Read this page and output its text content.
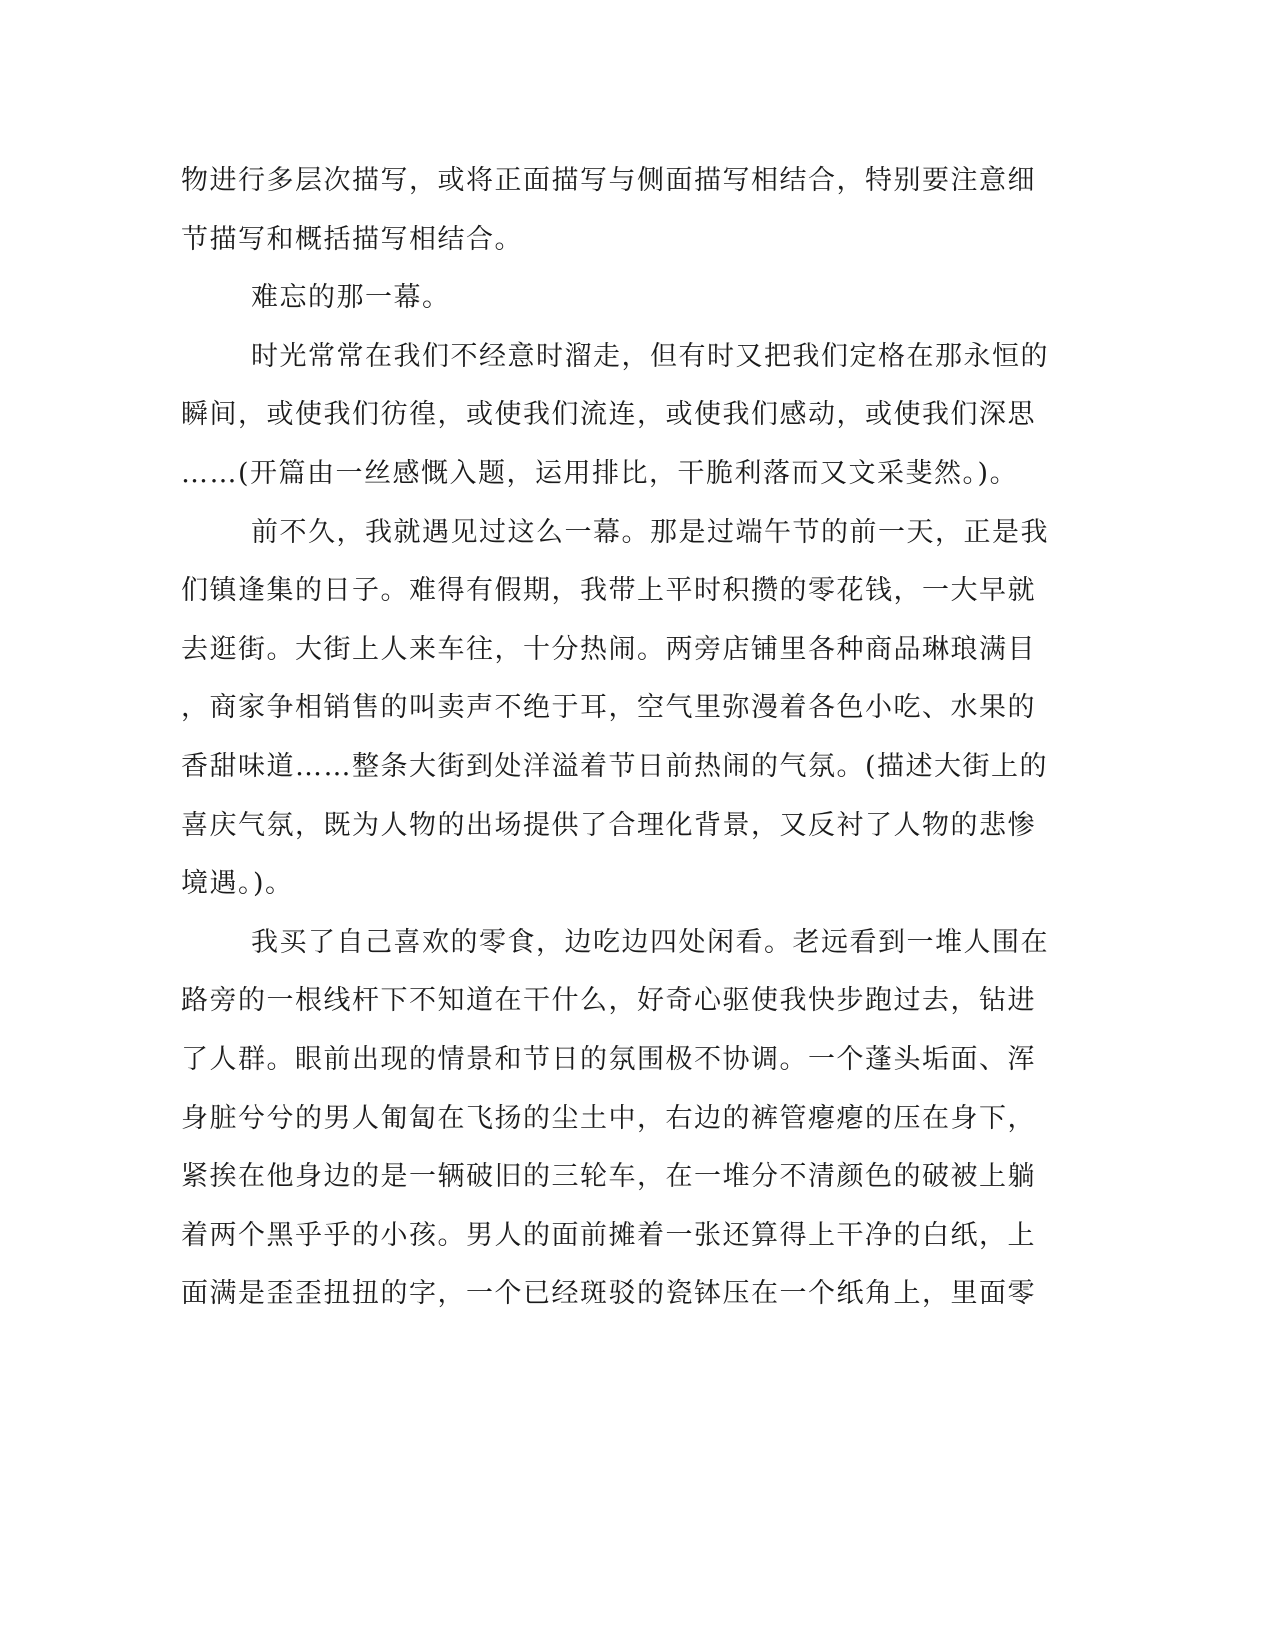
物进行多层次描写，或将正面描写与侧面描写相结合，特别要注意细
节描写和概括描写相结合。
难忘的那一幕。
时光常常在我们不经意时溜走，但有时又把我们定格在那永恒的
瞬间，或使我们彷徨，或使我们流连，或使我们感动，或使我们深思
……(开篇由一丝感慨入题，运用排比，干脆利落而又文采斐然。)。
前不久，我就遇见过这么一幕。那是过端午节的前一天，正是我
们镇逢集的日子。难得有假期，我带上平时积攒的零花钱，一大早就
去逛街。大街上人来车往，十分热闹。两旁店铺里各种商品琳琅满目
，商家争相销售的叫卖声不绝于耳，空气里弥漫着各色小吃、水果的
香甜味道……整条大街到处洋溢着节日前热闹的气氛。(描述大街上的
喜庆气氛，既为人物的出场提供了合理化背景，又反衬了人物的悲惨
境遇。)。
我买了自己喜欢的零食，边吃边四处闲看。老远看到一堆人围在
路旁的一根线杆下不知道在干什么，好奇心驱使我快步跑过去，钻进
了人群。眼前出现的情景和节日的氛围极不协调。一个蓬头垢面、浑
身脏兮兮的男人匍匐在飞扬的尘土中，右边的裤管瘪瘪的压在身下，
紧挨在他身边的是一辆破旧的三轮车，在一堆分不清颜色的破被上躺
着两个黑乎乎的小孩。男人的面前摊着一张还算得上干净的白纸，上
面满是歪歪扭扭的字，一个已经斑驳的瓷钵压在一个纸角上，里面零
